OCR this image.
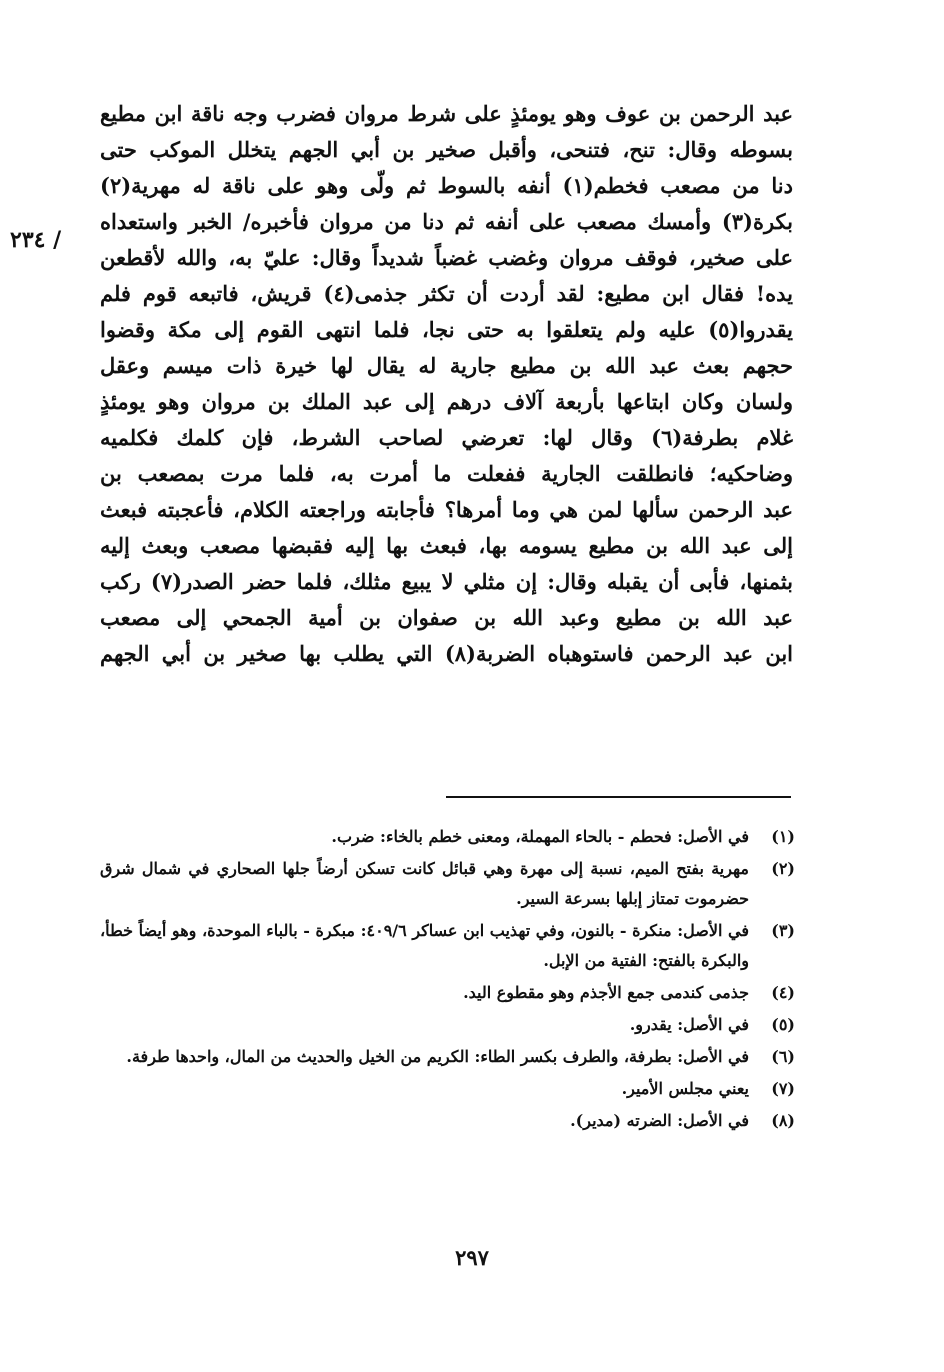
عبد الرحمن بن عوف وهو يومئذٍ على شرط مروان فضرب وجه ناقة ابن مطيع
بسوطه وقال: تنح، فتنحى، وأقبل صخير بن أبي الجهم يتخلل الموكب حتى
دنا من مصعب فخطم(١) أنفه بالسوط ثم ولّى وهو على ناقة له مهرية(٢)
بكرة(٣) وأمسك مصعب على أنفه ثم دنا من مروان فأخبره/ الخبر واستعداه
على صخير، فوقف مروان وغضب غضباً شديداً وقال: عليّ به، والله لأقطعن
يده! فقال ابن مطيع: لقد أردت أن تكثر جذمى(٤) قريش، فاتبعه قوم فلم
يقدروا(٥) عليه ولم يتعلقوا به حتى نجا، فلما انتهى القوم إلى مكة وقضوا
حجهم بعث عبد الله بن مطيع جارية له يقال لها خيرة ذات ميسم وعقل
ولسان وكان ابتاعها بأربعة آلاف درهم إلى عبد الملك بن مروان وهو يومئذٍ
غلام بطرفة(٦) وقال لها: تعرضي لصاحب الشرط، فإن كلمك فكلميه
وضاحكيه؛ فانطلقت الجارية ففعلت ما أمرت به، فلما مرت بمصعب بن
عبد الرحمن سألها لمن هي وما أمرها؟ فأجابته وراجعته الكلام، فأعجبته فبعث
إلى عبد الله بن مطيع يسومه بها، فبعث بها إليه فقبضها مصعب وبعث إليه
بثمنها، فأبى أن يقبله وقال: إن مثلي لا يبيع مثلك، فلما حضر الصدر(٧) ركب
عبد الله بن مطيع وعبد الله بن صفوان بن أمية الجمحي إلى مصعب
ابن عبد الرحمن فاستوهباه الضربة(٨) التي يطلب بها صخير بن أبي الجهم
/ ٢٣٤
(١)
في الأصل: فحطم - بالحاء المهملة، ومعنى خطم بالخاء: ضرب.
(٢)
مهرية بفتح الميم، نسبة إلى مهرة وهي قبائل كانت تسكن أرضاً جلها الصحاري في شمال شرق حضرموت تمتاز إبلها بسرعة السير.
(٣)
في الأصل: منكرة - بالنون، وفي تهذيب ابن عساكر ٤٠٩/٦: مبكرة - بالباء الموحدة، وهو أيضاً خطأ، والبكرة بالفتح: الفتية من الإبل.
(٤)
جذمى كندمى جمع الأجذم وهو مقطوع اليد.
(٥)
في الأصل: يقدرو.
(٦)
في الأصل: بطرفة، والطرف بكسر الطاء: الكريم من الخيل والحديث من المال، واحدها طرفة.
(٧)
يعني مجلس الأمير.
(٨)
في الأصل: الضرته (مدير).
٢٩٧
